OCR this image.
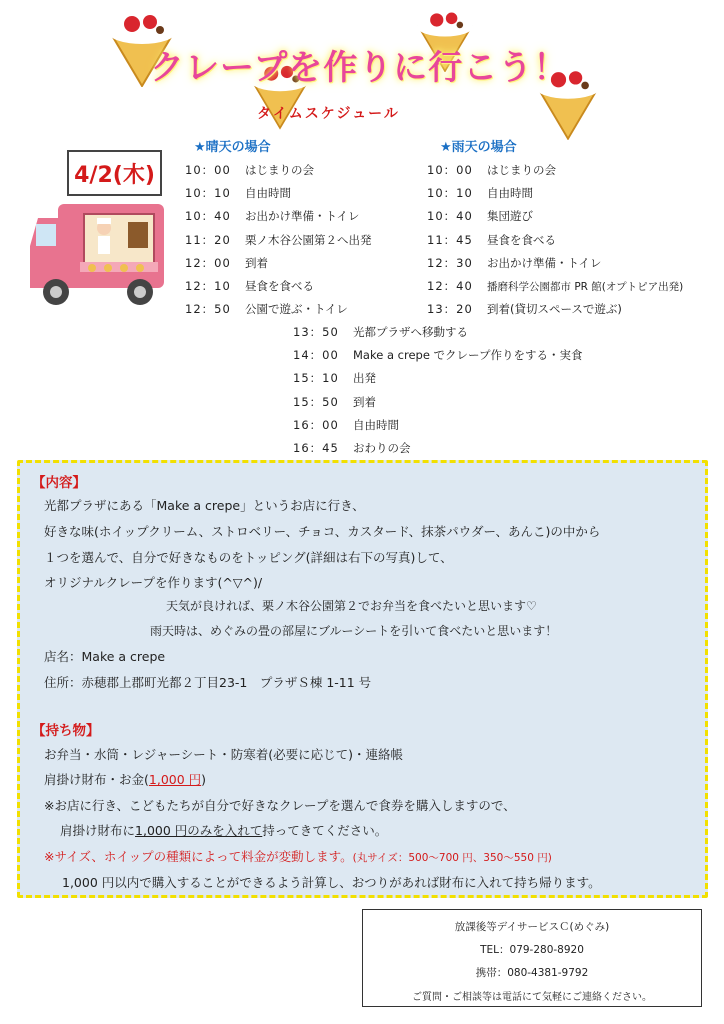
クレープを作りに行こう！
タイムスケジュール
4/2(木)
★晴天の場合
10：00	はじまりの会
10：10	自由時間
10：40	お出かけ準備・トイレ
11：20	栗ノ木谷公園第２へ出発
12：00	到着
12：10	昼食を食べる
12：50	公園で遊ぶ・トイレ
★雨天の場合
10：00	はじまりの会
10：10	自由時間
10：40	集団遊び
11：45	昼食を食べる
12：30	お出かけ準備・トイレ
12：40	播磨科学公園都市 PR 館(オプトピア出発)
13：20	到着(貸切スペースで遊ぶ)
13：50	光都プラザへ移動する
14：00	Make a crepe でクレープ作りをする・実食
15：10	出発
15：50	到着
16：00	自由時間
16：45	おわりの会
【内容】
光都プラザにある「Make a crepe」というお店に行き、
好きな味(ホイップクリーム、ストロベリー、チョコ、カスタード、抹茶パウダー、あんこ)の中から
１つを選んで、自分で好きなものをトッピング(詳細は右下の写真)して、
オリジナルクレープを作ります(^▽^)/
天気が良ければ、栗ノ木谷公園第２でお弁当を食べたいと思います♡
雨天時は、めぐみの畳の部屋にブルーシートを引いて食べたいと思います！
店名：Make a crepe
住所：赤穂郡上郡町光都２丁目23-1　プラザＳ棟 1-11 号
【持ち物】
お弁当・水筒・レジャーシート・防寒着(必要に応じて)・連絡帳
肩掛け財布・お金(1,000 円)
※お店に行き、こどもたちが自分で好きなクレープを選んで食券を購入しますので、
肩掛け財布に1,000 円のみを入れて持ってきてください。
※サイズ、ホイップの種類によって料金が変動します。(丸サイズ：500～700 円、350～550 円)
1,000 円以内で購入することができるよう計算し、おつりがあれば財布に入れて持ち帰ります。
放課後等デイサービスＣ(めぐみ)
TEL：079-280-8920
携帯：080-4381-9792
ご質問・ご相談等は電話にて気軽にご連絡ください。
